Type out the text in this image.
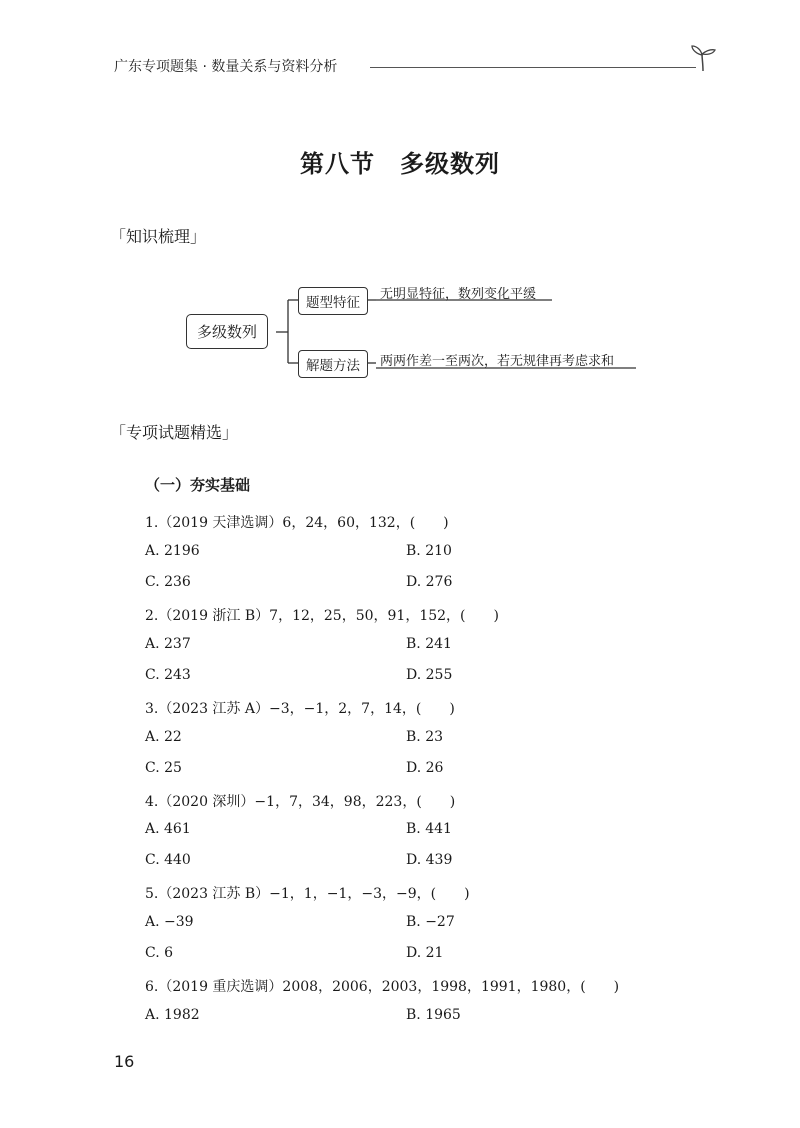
广东专项题集 · 数量关系与资料分析
第八节　多级数列
「知识梳理」
多级数列
题型特征
无明显特征，数列变化平缓
解题方法	两两作差一至两次，若无规律再考虑求和
「专项试题精选」
（一）夯实基础
1.（2019 天津选调）6，24，60，132，(　　)
A. 2196	B. 210
C. 236	D. 276
2.（2019 浙江 B）7，12，25，50，91，152，(　　)
A. 237	B. 241
C. 243	D. 255
3.（2023 江苏 A）−3，−1，2，7，14，(　　)
A. 22	B. 23
C. 25	D. 26
4.（2020 深圳）−1，7，34，98，223，(　　)
A. 461	B. 441
C. 440	D. 439
5.（2023 江苏 B）−1，1，−1，−3，−9，(　　)
A. −39	B. −27
C. 6	D. 21
6.（2019 重庆选调）2008，2006，2003，1998，1991，1980，(　　)
A. 1982	B. 1965
16
